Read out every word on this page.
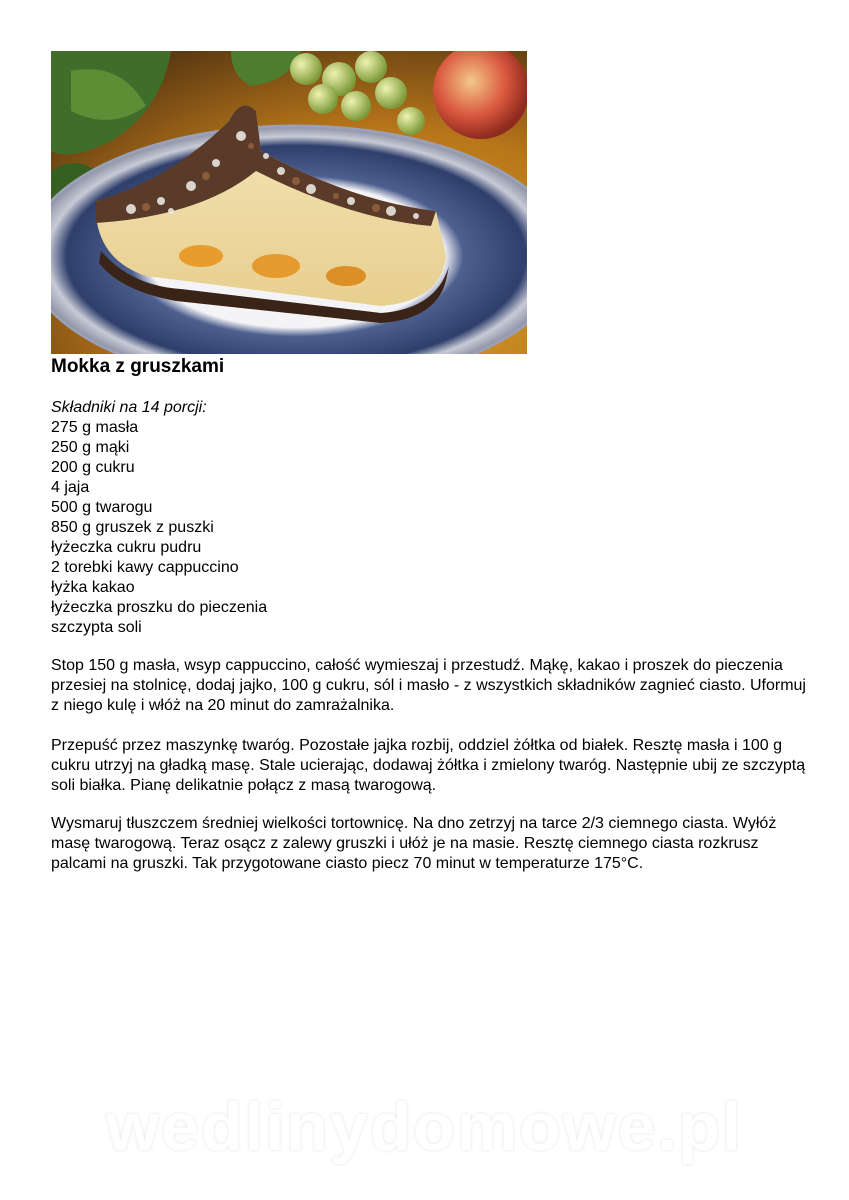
Mokka z gruszkami
Składniki na 14 porcji:
275 g masła
250 g mąki
200 g cukru
4 jaja
500 g twarogu
850 g gruszek z puszki
łyżeczka cukru pudru
2 torebki kawy cappuccino
łyżka kakao
łyżeczka proszku do pieczenia
szczypta soli

Stop 150 g masła, wsyp cappuccino, całość wymieszaj i przestudź. Mąkę, kakao i proszek do pieczenia przesiej na stolnicę, dodaj jajko, 100 g cukru, sól i masło - z wszystkich składników zagnieć ciasto. Uformuj z niego kulę i włóż na 20 minut do zamrażalnika.

Przepuść przez maszynkę twaróg. Pozostałe jajka rozbij, oddziel żółtka od białek. Resztę masła i 100 g cukru utrzyj na gładką masę. Stale ucierając, dodawaj żółtka i zmielony twaróg. Następnie ubij ze szczyptą soli białka. Pianę delikatnie połącz z masą twarogową.

Wysmaruj tłuszczem średniej wielkości tortownicę. Na dno zetrzyj na tarce 2/3 ciemnego ciasta. Wyłóż masę twarogową. Teraz osącz z zalewy gruszki i ułóż je na masie. Resztę ciemnego ciasta rozkrusz palcami na gruszki. Tak przygotowane ciasto piecz 70 minut w temperaturze 175°C.

wedlinydomowe.pl
